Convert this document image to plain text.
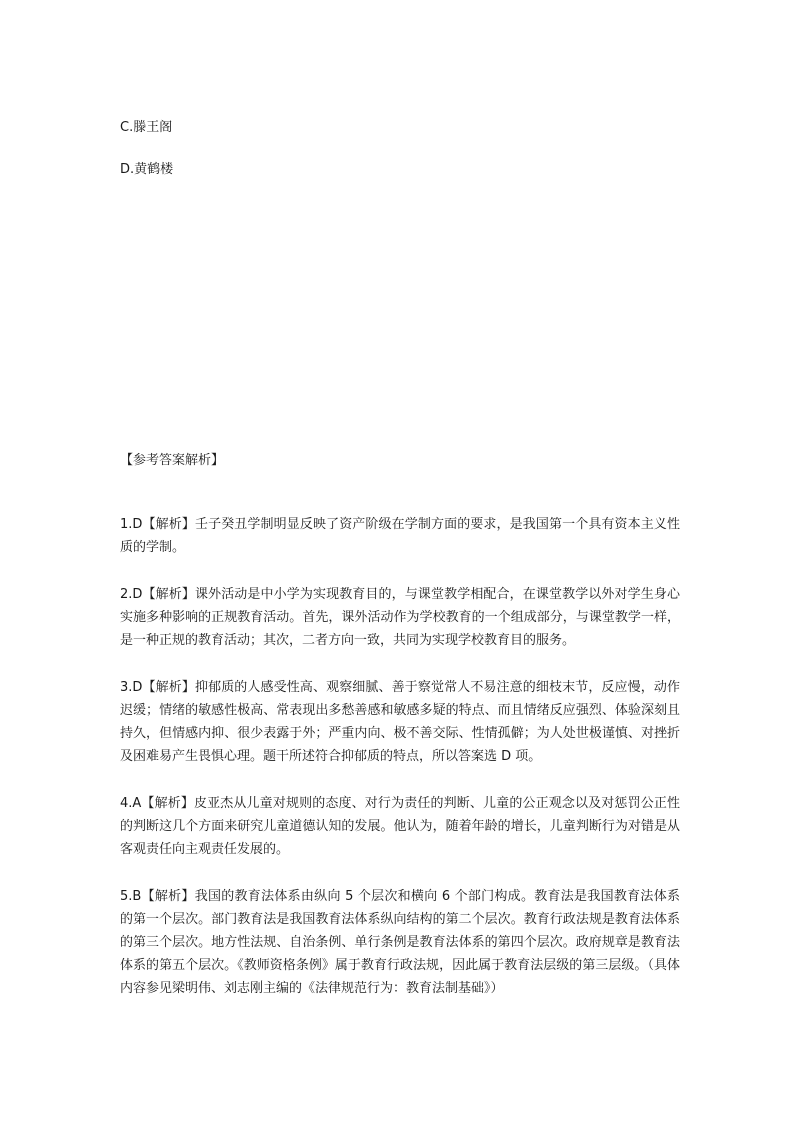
C.滕王阁

D.黄鹤楼

【参考答案解析】

1.D【解析】壬子癸丑学制明显反映了资产阶级在学制方面的要求，是我国第一个具有资本主义性质的学制。

2.D【解析】课外活动是中小学为实现教育目的，与课堂教学相配合，在课堂教学以外对学生身心实施多种影响的正规教育活动。首先，课外活动作为学校教育的一个组成部分，与课堂教学一样，是一种正规的教育活动；其次，二者方向一致，共同为实现学校教育目的服务。

3.D【解析】抑郁质的人感受性高、观察细腻、善于察觉常人不易注意的细枝末节，反应慢，动作迟缓；情绪的敏感性极高、常表现出多愁善感和敏感多疑的特点、而且情绪反应强烈、体验深刻且持久，但情感内抑、很少表露于外；严重内向、极不善交际、性情孤僻；为人处世极谨慎、对挫折及困难易产生畏惧心理。题干所述符合抑郁质的特点，所以答案选 D 项。

4.A【解析】皮亚杰从儿童对规则的态度、对行为责任的判断、儿童的公正观念以及对惩罚公正性的判断这几个方面来研究儿童道德认知的发展。他认为，随着年龄的增长，儿童判断行为对错是从客观责任向主观责任发展的。

5.B【解析】我国的教育法体系由纵向 5 个层次和横向 6 个部门构成。教育法是我国教育法体系的第一个层次。部门教育法是我国教育法体系纵向结构的第二个层次。教育行政法规是教育法体系的第三个层次。地方性法规、自治条例、单行条例是教育法体系的第四个层次。政府规章是教育法体系的第五个层次。《教师资格条例》属于教育行政法规，因此属于教育法层级的第三层级。（具体内容参见梁明伟、刘志刚主编的《法律规范行为：教育法制基础》）
